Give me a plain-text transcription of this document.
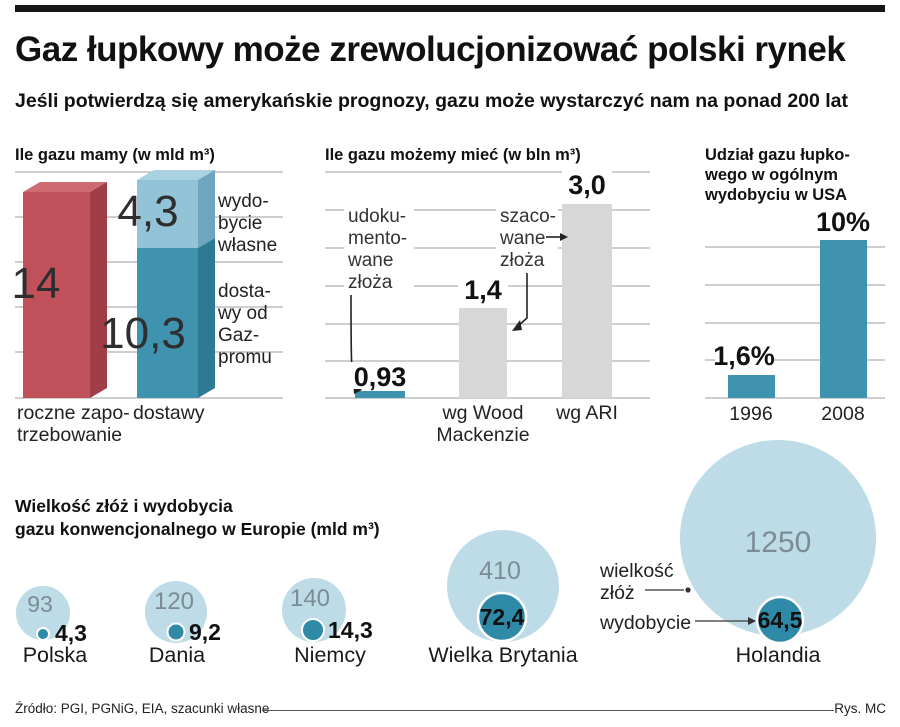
Gaz łupkowy może zrewolucjonizować polski rynek
Jeśli potwierdzą się amerykańskie prognozy, gazu może wystarczyć nam na ponad 200 lat
Ile gazu mamy (w mld m³)
14
4,3
10,3
wydo-
bycie
własne
dosta-
wy od
Gaz-
promu
roczne zapo-
trzebowanie
dostawy
Ile gazu możemy mieć (w bln m³)
udoku-
mento-
wane
złoża
szaco-
wane
złoża
0,93
1,4
3,0
wg Wood
Mackenzie
wg ARI
Udział gazu łupko-
wego w ogólnym
wydobyciu w USA
1,6%
10%
1996 2008
Wielkość złóż i wydobycia
gazu konwencjonalnego w Europie (mld m³)
93	120	140
410
1250
4,3	9,2	14,3	72,4	64,5
Polska	Dania	Niemcy	Wielka Brytania	Holandia
wielkość
złóż
wydobycie
Źródło: PGI, PGNiG, EIA, szacunki własne	Rys. MC
